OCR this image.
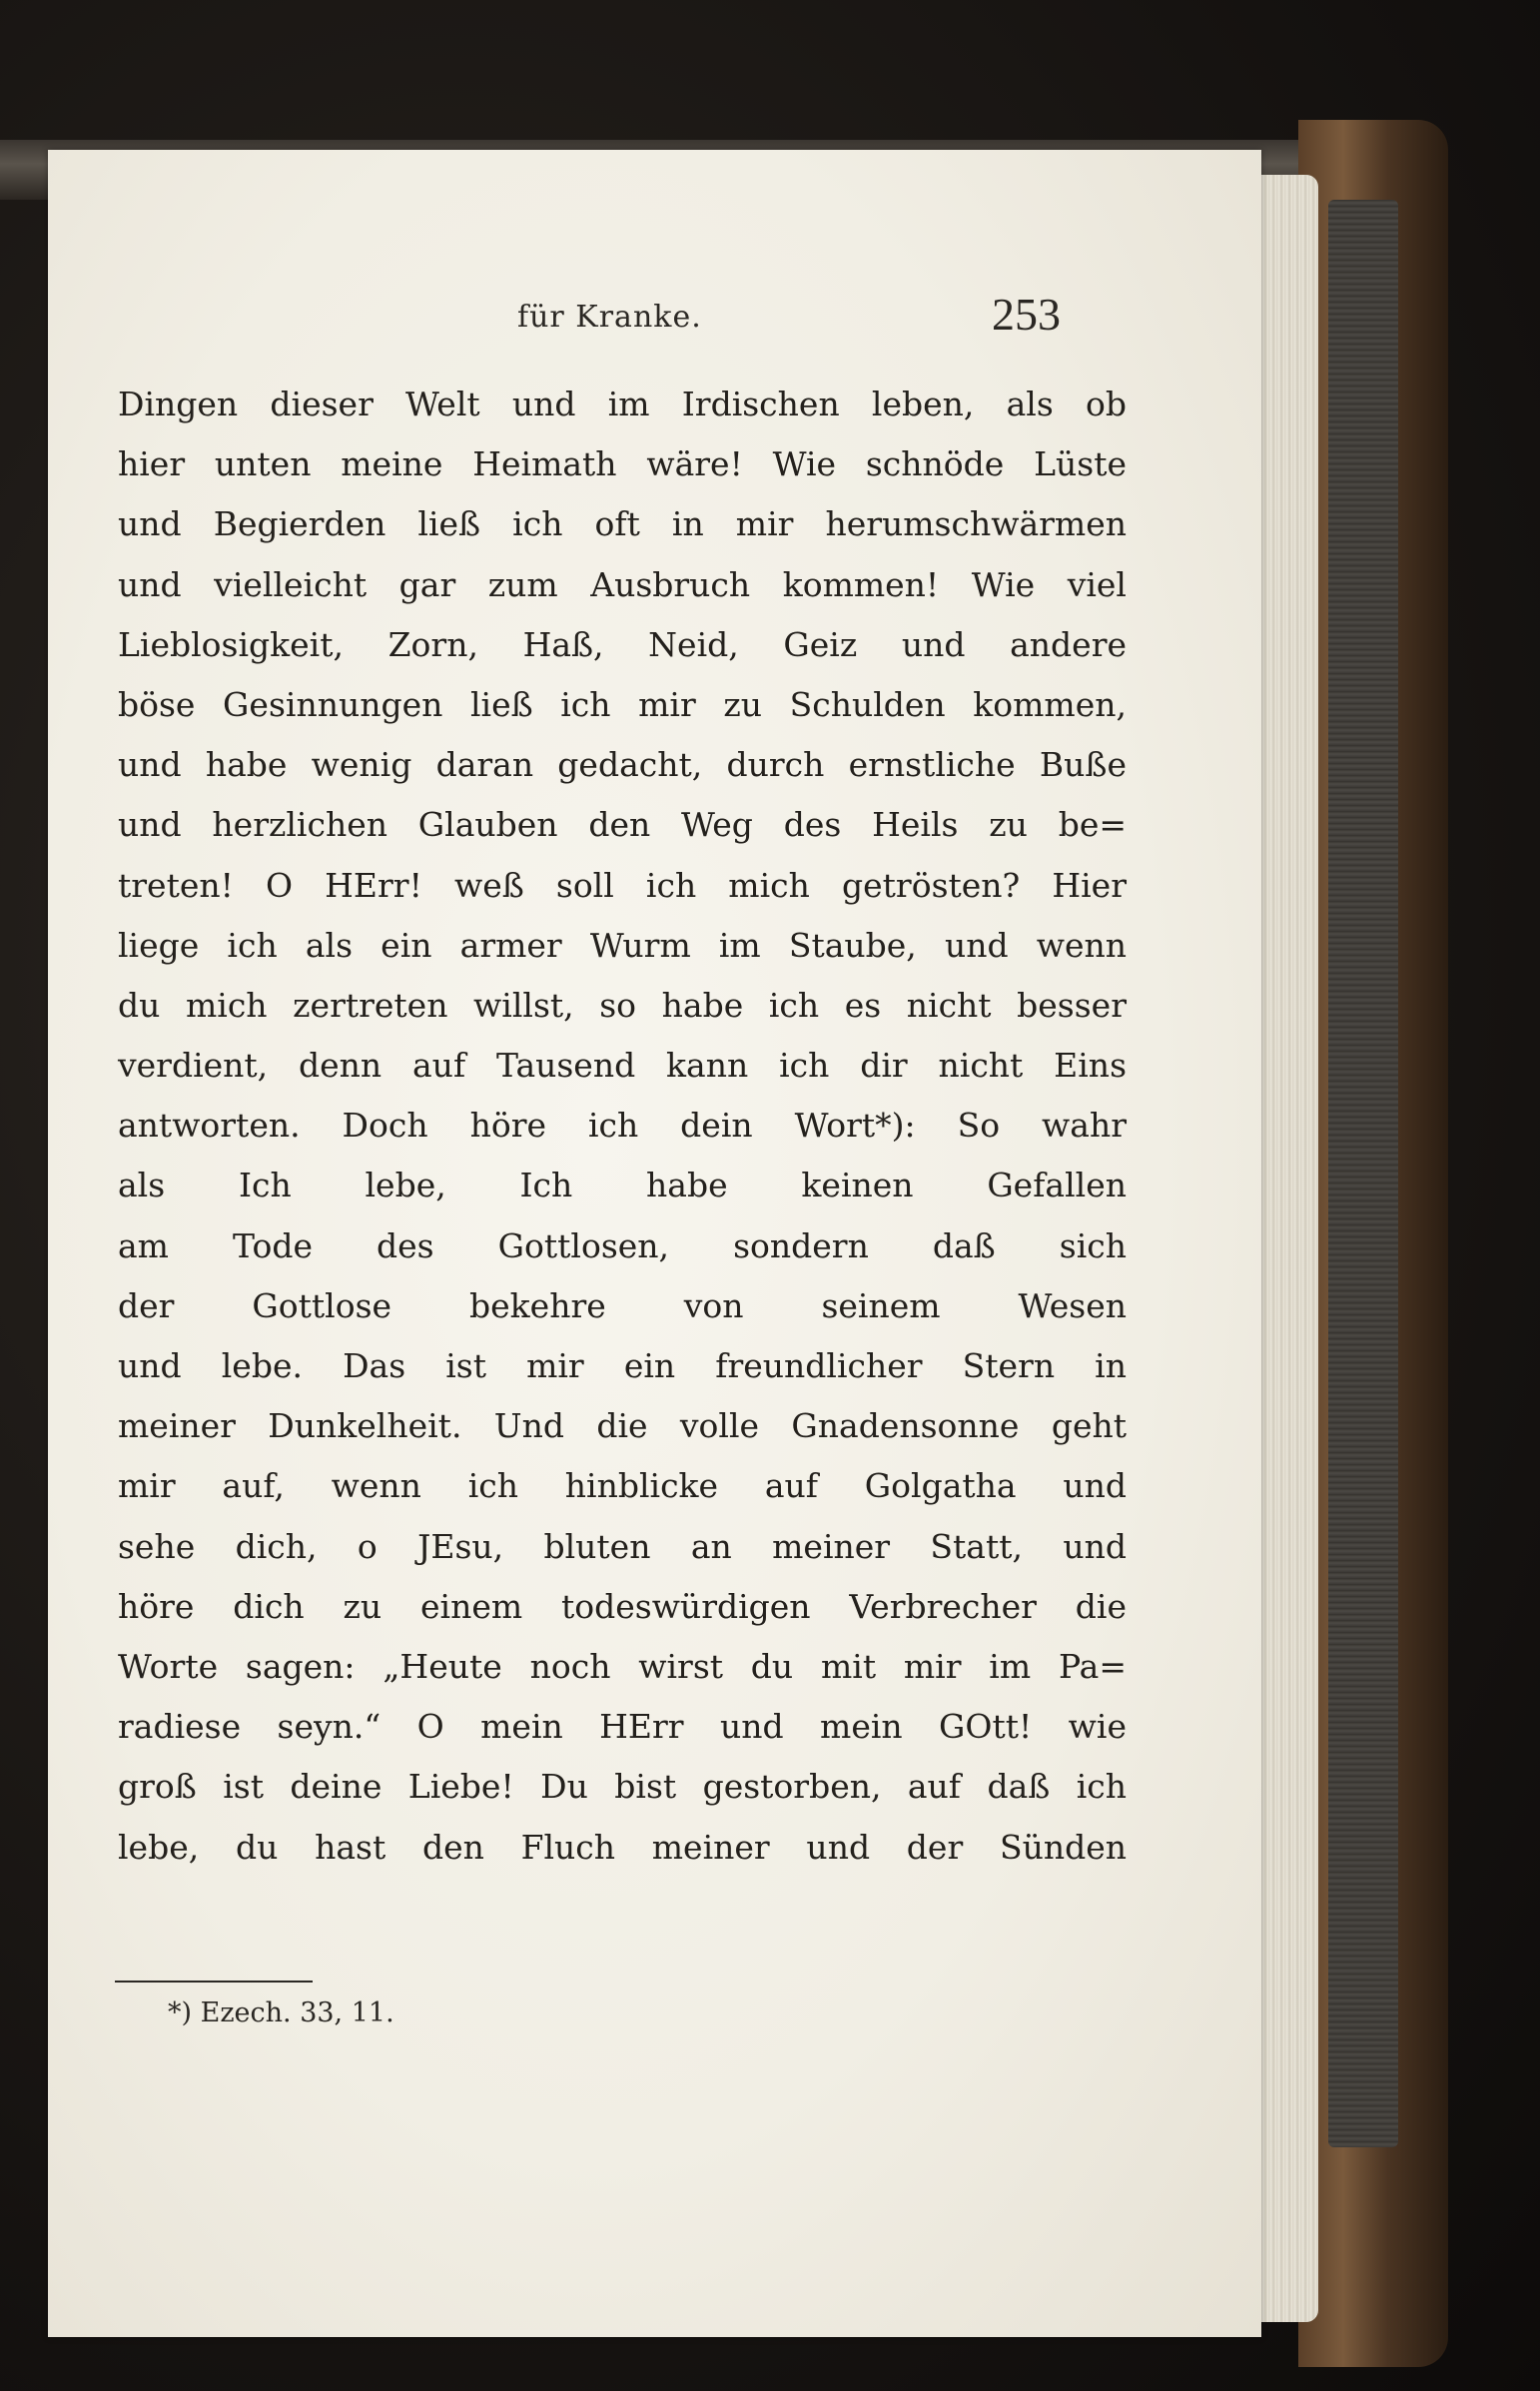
für Kranke.	253
Dingen dieser Welt und im Irdischen leben, als ob
hier unten meine Heimath wäre! Wie schnöde Lüste
und Begierden ließ ich oft in mir herumschwärmen
und vielleicht gar zum Ausbruch kommen! Wie viel
Lieblosigkeit, Zorn, Haß, Neid, Geiz und andere
böse Gesinnungen ließ ich mir zu Schulden kommen,
und habe wenig daran gedacht, durch ernstliche Buße
und herzlichen Glauben den Weg des Heils zu be=
treten! O HErr! weß soll ich mich getrösten? Hier
liege ich als ein armer Wurm im Staube, und wenn
du mich zertreten willst, so habe ich es nicht besser
verdient, denn auf Tausend kann ich dir nicht Eins
antworten. Doch höre ich dein Wort*): So wahr
als Ich lebe, Ich habe keinen Gefallen
am Tode des Gottlosen, sondern daß sich
der Gottlose bekehre von seinem Wesen
und lebe. Das ist mir ein freundlicher Stern in
meiner Dunkelheit. Und die volle Gnadensonne geht
mir auf, wenn ich hinblicke auf Golgatha und
sehe dich, o JEsu, bluten an meiner Statt, und
höre dich zu einem todeswürdigen Verbrecher die
Worte sagen: „Heute noch wirst du mit mir im Pa=
radiese seyn.“ O mein HErr und mein GOtt! wie
groß ist deine Liebe! Du bist gestorben, auf daß ich
lebe, du hast den Fluch meiner und der Sünden
*) Ezech. 33, 11.
